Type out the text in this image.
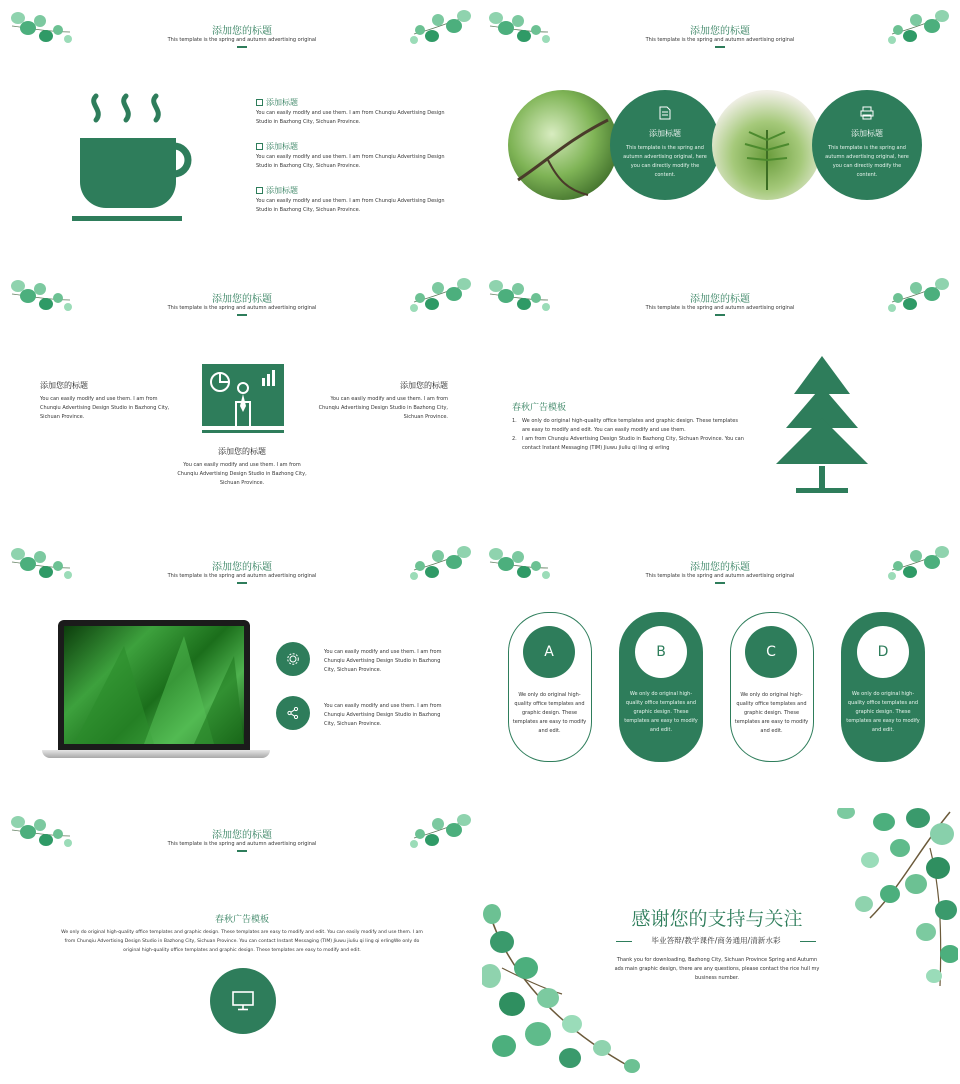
添加您的标题
This template is the spring and autumn advertising original
添加标题
You can easily modify and use them. I am from Chunqiu Advertising Design
Studio in Bazhong City, Sichuan Province.
添加标题
You can easily modify and use them. I am from Chunqiu Advertising Design
Studio in Bazhong City, Sichuan Province.
添加标题
You can easily modify and use them. I am from Chunqiu Advertising Design
Studio in Bazhong City, Sichuan Province.
添加您的标题
This template is the spring and autumn advertising original
添加标题
This template is the spring and
autumn advertising original, here
you can directly modify the
content.
添加标题
This template is the spring and
autumn advertising original, here
you can directly modify the
content.
添加您的标题
This template is the spring and autumn advertising original
添加您的标题
You can easily modify and use them. I am from
Chunqiu Advertising Design Studio in Bazhong City,
Sichuan Province.
添加您的标题
You can easily modify and use them. I am from
Chunqiu Advertising Design Studio in Bazhong City,
Sichuan Province.
添加您的标题
You can easily modify and use them. I am from
Chunqiu Advertising Design Studio in Bazhong City,
Sichuan Province.
添加您的标题
This template is the spring and autumn advertising original
春秋广告模板
1.	We only do original high-quality office templates and graphic design. These templates
are easy to modify and edit. You can easily modify and use them.
2.	I am from Chunqiu Advertising Design Studio in Bazhong City, Sichuan Province. You can
contact Instant Messaging (TIM) Jiuwu jiuliu qi ling qi erling
添加您的标题
This template is the spring and autumn advertising original
You can easily modify and use them. I am from
Chunqiu Advertising Design Studio in Bazhong
City, Sichuan Province.
You can easily modify and use them. I am from
Chunqiu Advertising Design Studio in Bazhong
City, Sichuan Province.
添加您的标题
This template is the spring and autumn advertising original
A
We only do original high-
quality office templates and
graphic design. These
templates are easy to modify
and edit.
B
We only do original high-
quality office templates and
graphic design. These
templates are easy to modify
and edit.
C
We only do original high-
quality office templates and
graphic design. These
templates are easy to modify
and edit.
D
We only do original high-
quality office templates and
graphic design. These
templates are easy to modify
and edit.
添加您的标题
This template is the spring and autumn advertising original
春秋广告模板
We only do original high-quality office templates and graphic design. These templates are easy to modify and edit. You can easily modify and use them. I am
from Chunqiu Advertising Design Studio in Bazhong City, Sichuan Province. You can contact Instant Messaging (TIM) Jiuwu jiuliu qi ling qi erlingWe only do
original high-quality office templates and graphic design. These templates are easy to modify and edit.
感谢您的支持与关注
毕业答辩/教学课件/商务通用/清新水彩
Thank you for downloading, Bazhong City, Sichuan Province Spring and Autumn
ads main graphic design, there are any questions, please contact the rice hull my
business number.
